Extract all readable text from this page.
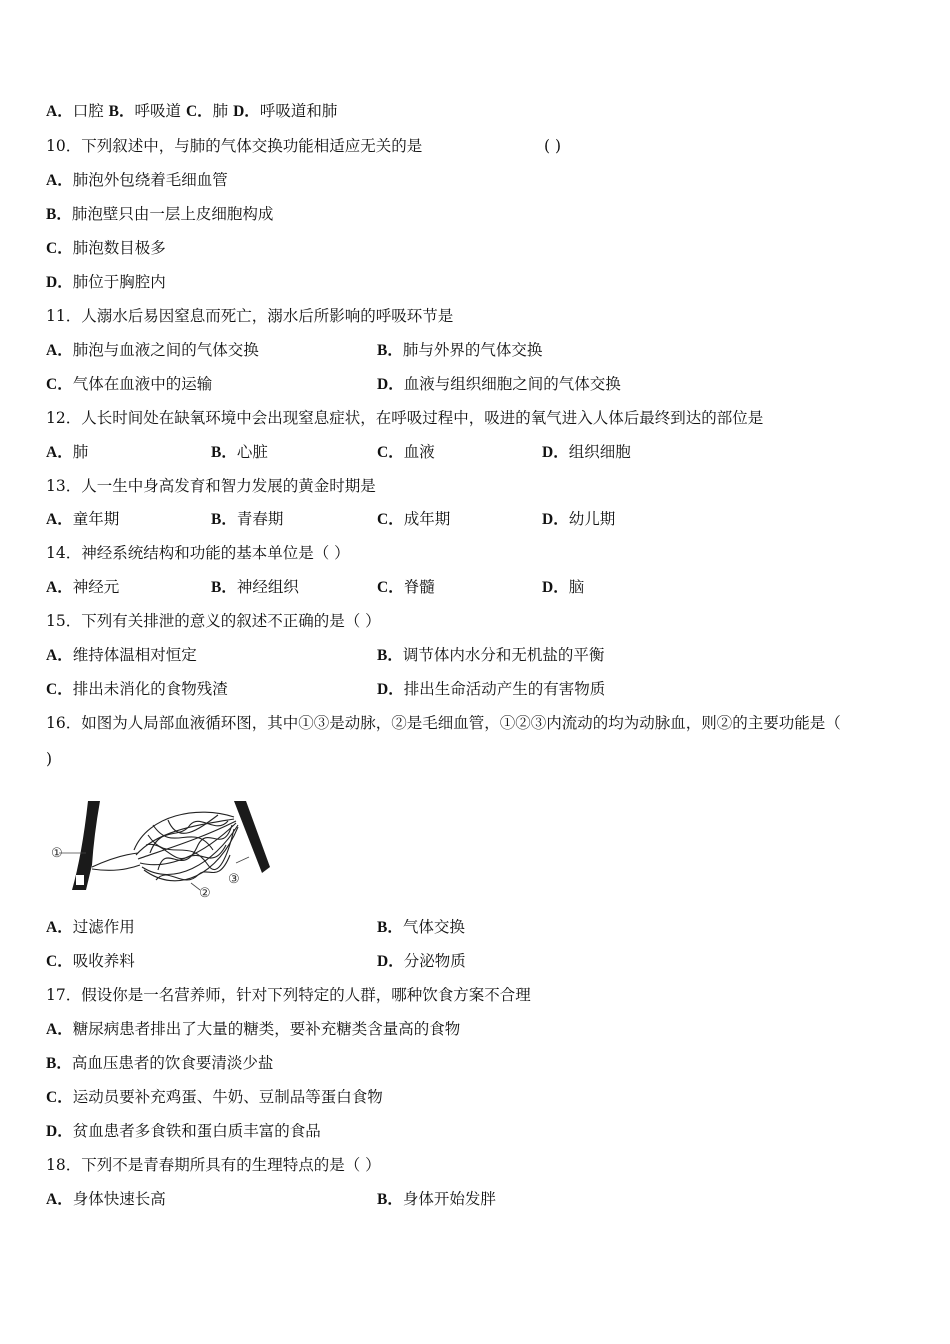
A．口腔 B．呼吸道 C．肺 D．呼吸道和肺
10．下列叙述中，与肺的气体交换功能相适应无关的是	( )
A．肺泡外包绕着毛细血管
B．肺泡壁只由一层上皮细胞构成
C．肺泡数目极多
D．肺位于胸腔内
11．人溺水后易因窒息而死亡，溺水后所影响的呼吸环节是
A．肺泡与血液之间的气体交换	B．肺与外界的气体交换
C．气体在血液中的运输	D．血液与组织细胞之间的气体交换
12．人长时间处在缺氧环境中会出现窒息症状，在呼吸过程中，吸进的氧气进入人体后最终到达的部位是
A．肺	B．心脏	C．血液	D．组织细胞
13．人一生中身高发育和智力发展的黄金时期是
A．童年期	B．青春期	C．成年期	D．幼儿期
14．神经系统结构和功能的基本单位是（ ）
A．神经元	B．神经组织	C．脊髓	D．脑
15．下列有关排泄的意义的叙述不正确的是（ ）
A．维持体温相对恒定	B．调节体内水分和无机盐的平衡
C．排出未消化的食物残渣	D．排出生命活动产生的有害物质
16．如图为人局部血液循环图，其中①③是动脉，②是毛细血管，①②③内流动的均为动脉血，则②的主要功能是（
)
①
②
③
A．过滤作用	B．气体交换
C．吸收养料	D．分泌物质
17．假设你是一名营养师，针对下列特定的人群，哪种饮食方案不合理
A．糖尿病患者排出了大量的糖类，要补充糖类含量高的食物
B．高血压患者的饮食要清淡少盐
C．运动员要补充鸡蛋、牛奶、豆制品等蛋白食物
D．贫血患者多食铁和蛋白质丰富的食品
18．下列不是青春期所具有的生理特点的是（ ）
A．身体快速长高	B．身体开始发胖
